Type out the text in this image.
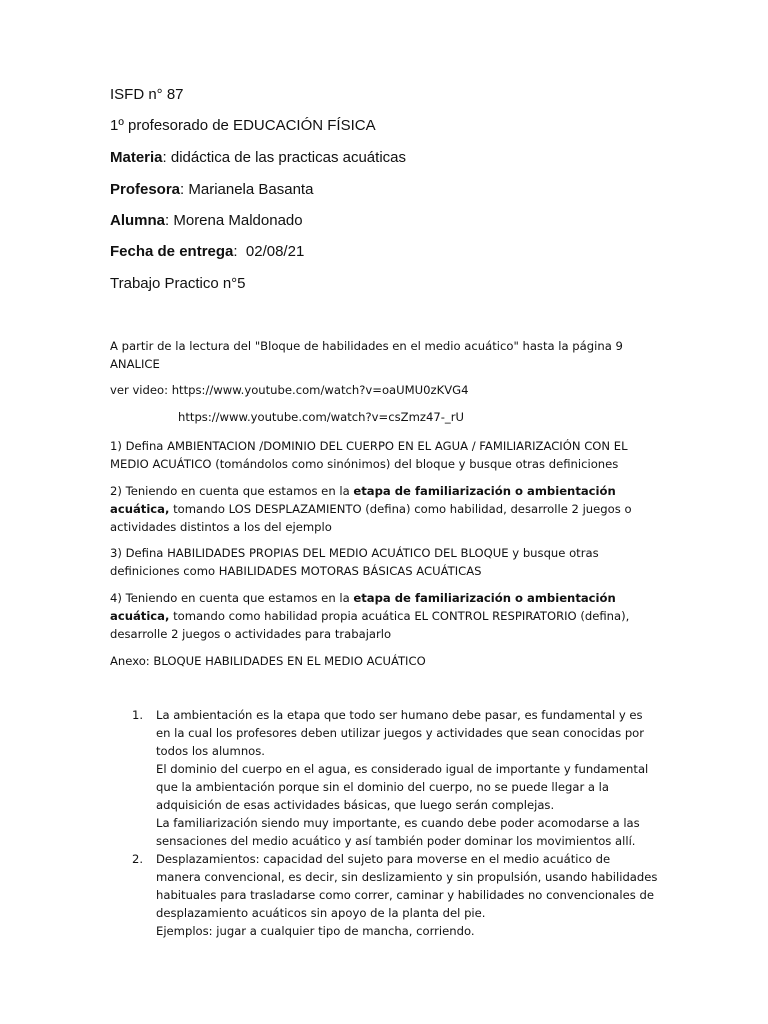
ISFD n° 87
1º profesorado de EDUCACIÓN FÍSICA
Materia: didáctica de las practicas acuáticas
Profesora: Marianela Basanta
Alumna: Morena Maldonado
Fecha de entrega:  02/08/21
Trabajo Practico n°5
A partir de la lectura del "Bloque de habilidades en el medio acuático" hasta la página 9 ANALICE
ver video: https://www.youtube.com/watch?v=oaUMU0zKVG4
https://www.youtube.com/watch?v=csZmz47-_rU
1) Defina AMBIENTACION /DOMINIO DEL CUERPO EN EL AGUA / FAMILIARIZACIÓN CON EL MEDIO ACUÁTICO (tomándolos como sinónimos) del bloque y busque otras definiciones
2) Teniendo en cuenta que estamos en la etapa de familiarización o ambientación acuática, tomando LOS DESPLAZAMIENTO (defina) como habilidad, desarrolle 2 juegos o actividades distintos a los del ejemplo
3) Defina HABILIDADES PROPIAS DEL MEDIO ACUÁTICO DEL BLOQUE y busque otras definiciones como HABILIDADES MOTORAS BÁSICAS ACUÁTICAS
4) Teniendo en cuenta que estamos en la etapa de familiarización o ambientación acuática, tomando como habilidad propia acuática EL CONTROL RESPIRATORIO (defina), desarrolle 2 juegos o actividades para trabajarlo
Anexo: BLOQUE HABILIDADES EN EL MEDIO ACUÁTICO
1. La ambientación es la etapa que todo ser humano debe pasar, es fundamental y es en la cual los profesores deben utilizar juegos y actividades que sean conocidas por todos los alumnos.

El dominio del cuerpo en el agua, es considerado igual de importante y fundamental que la ambientación porque sin el dominio del cuerpo, no se puede llegar a la adquisición de esas actividades básicas, que luego serán complejas.

La familiarización siendo muy importante, es cuando debe poder acomodarse a las sensaciones del medio acuático y así también poder dominar los movimientos allí.

2. Desplazamientos: capacidad del sujeto para moverse en el medio acuático de manera convencional, es decir, sin deslizamiento y sin propulsión, usando habilidades habituales para trasladarse como correr, caminar y habilidades no convencionales de desplazamiento acuáticos sin apoyo de la planta del pie.

Ejemplos: jugar a cualquier tipo de mancha, corriendo.
